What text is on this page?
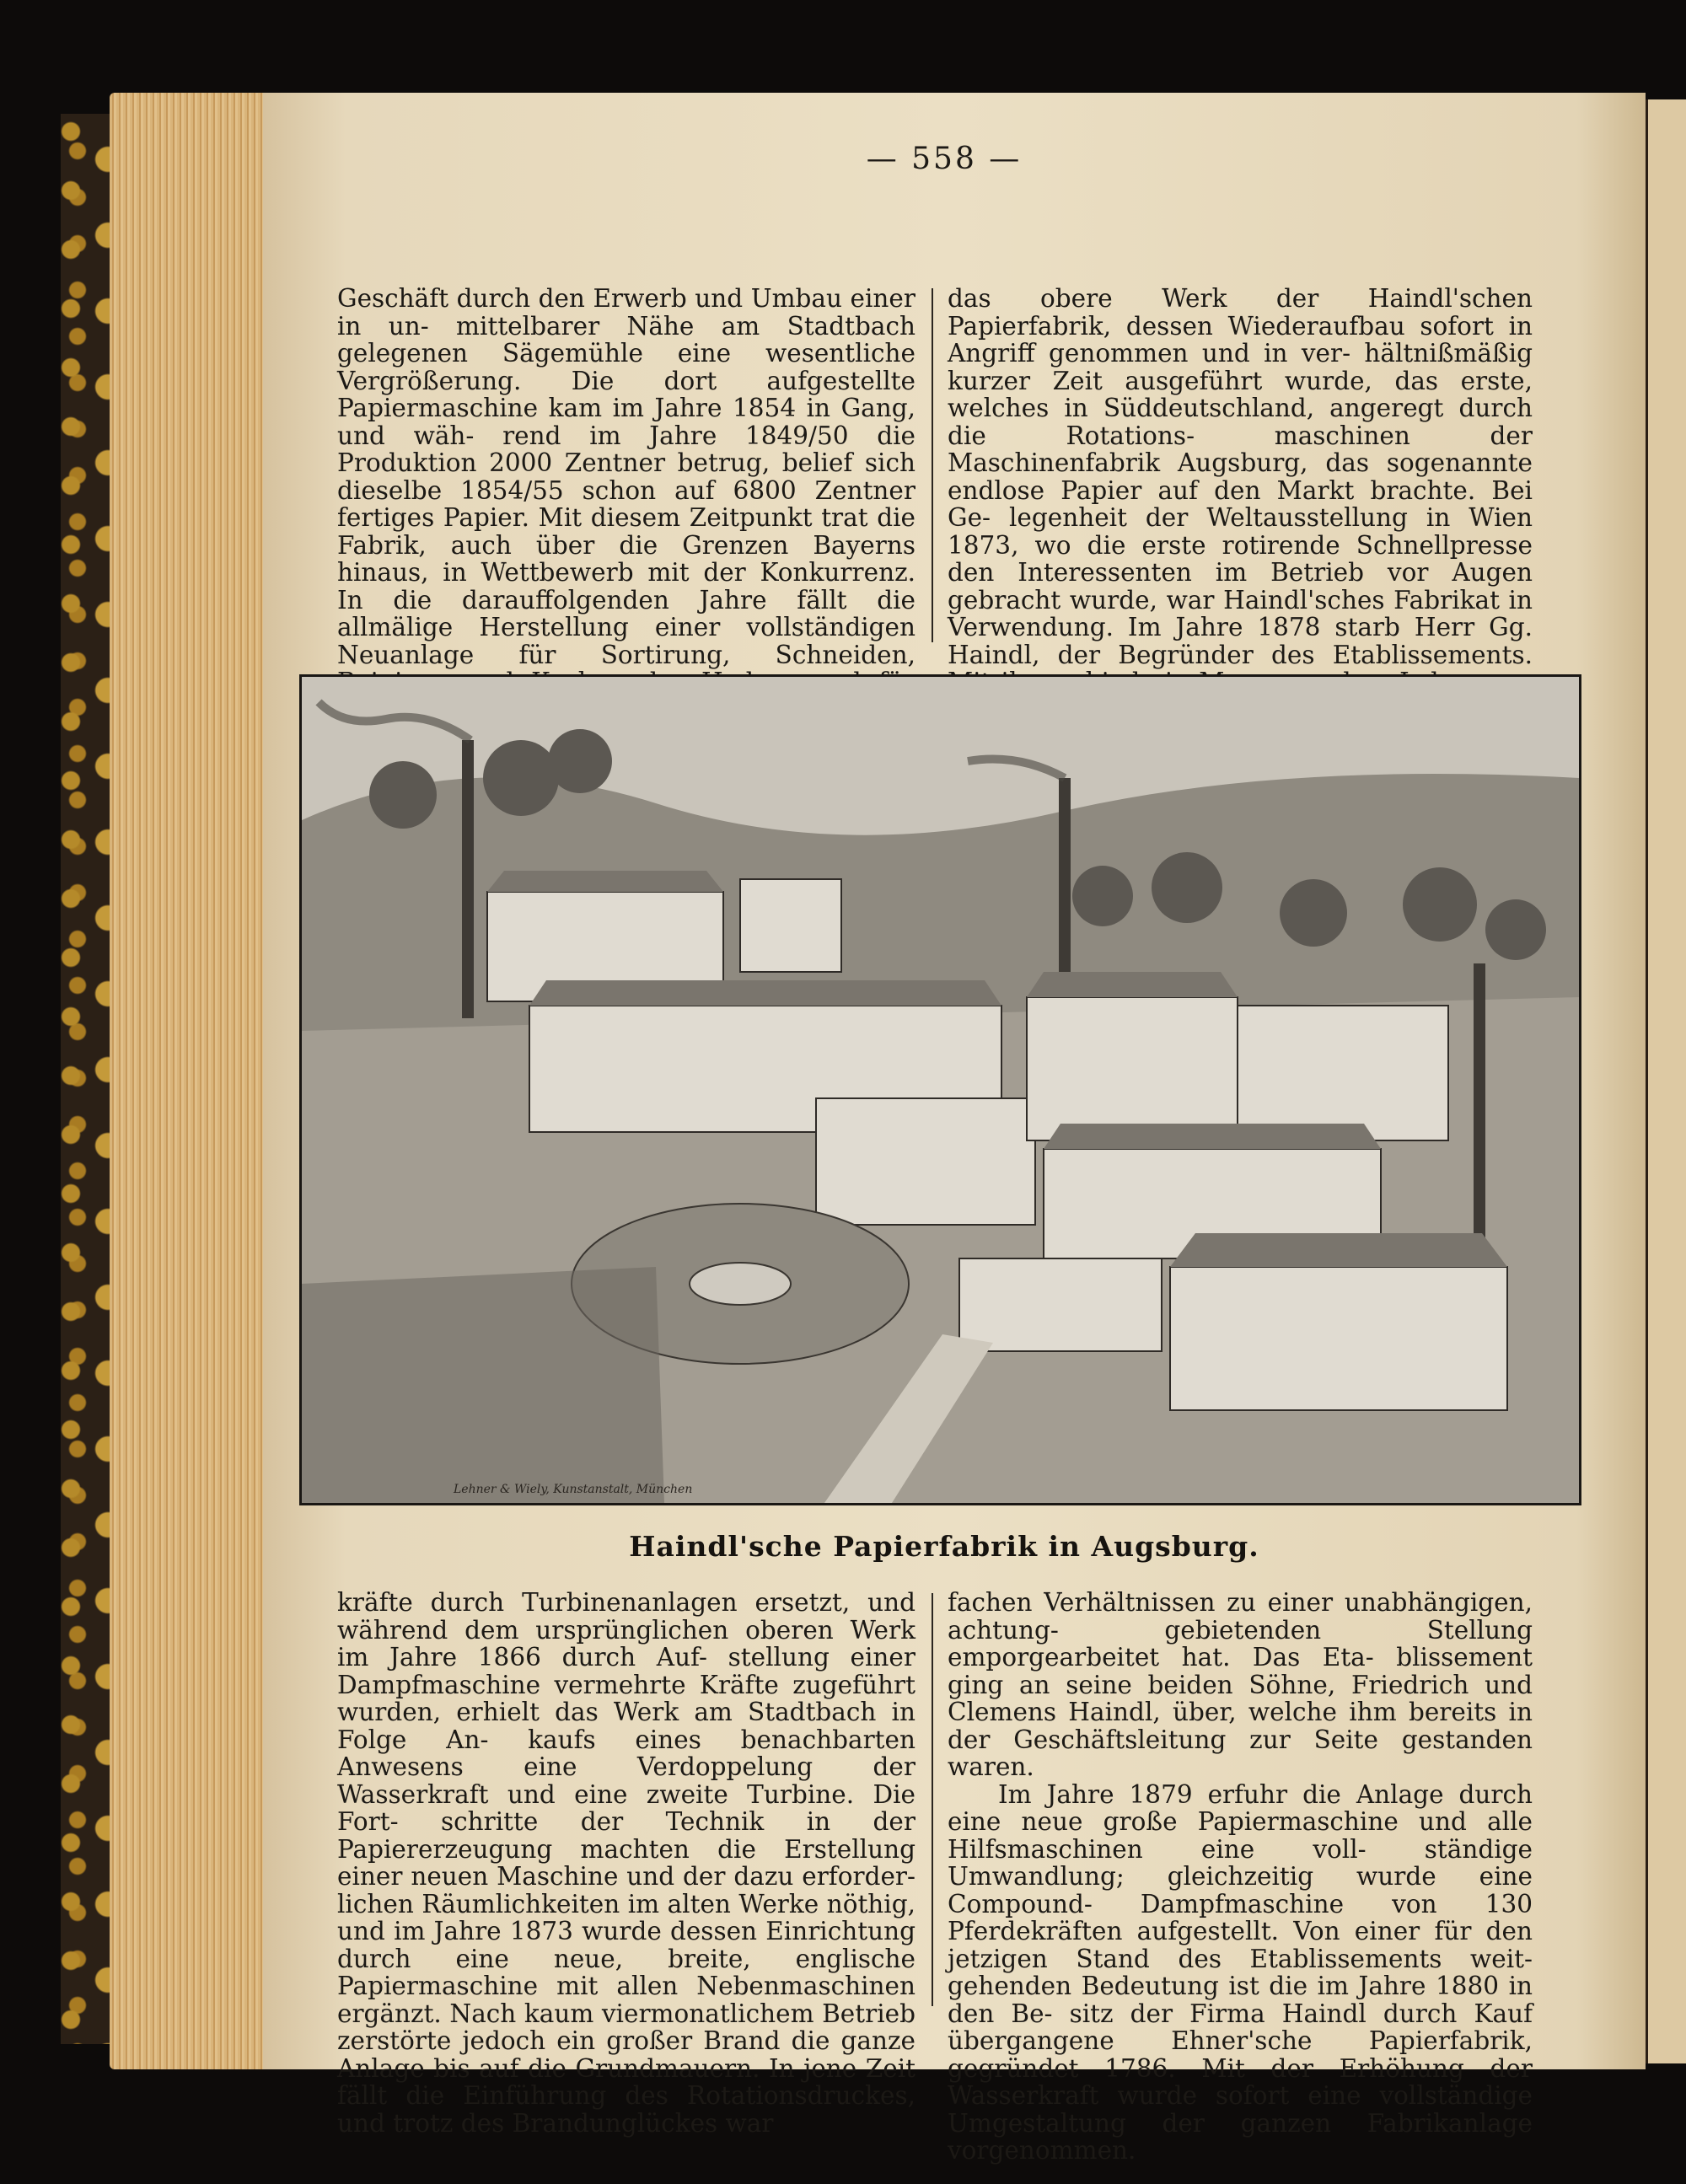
— 558 —

Geschäft durch den Erwerb und Umbau einer in un- mittelbarer Nähe am Stadtbach gelegenen Sägemühle eine wesentliche Vergrößerung. Die dort aufgestellte Papiermaschine kam im Jahre 1854 in Gang, und wäh- rend im Jahre 1849/50 die Produktion 2000 Zentner betrug, belief sich dieselbe 1854/55 schon auf 6800 Zentner fertiges Papier. Mit diesem Zeitpunkt trat die Fabrik, auch über die Grenzen Bayerns hinaus, in Wettbewerb mit der Konkurrenz. In die darauffolgenden Jahre fällt die allmälige Herstellung einer vollständigen Neuanlage für Sortirung, Schneiden,

das obere Werk der Haindl'schen Papierfabrik, dessen Wiederaufbau sofort in Angriff genommen und in ver- hältnißmäßig kurzer Zeit ausgeführt wurde, das erste, welches in Süddeutschland, angeregt durch die Rotations- maschinen der Maschinenfabrik Augsburg, das sogenannte endlose Papier auf den Markt brachte. Bei Ge- legenheit der Weltausstellung in Wien 1873, wo die erste rotirende Schnellpresse den Interessenten im Betrieb vor Augen gebracht wurde, war Haindl'sches Fabrikat in Verwendung. Im Jahre 1878 starb Herr Gg. Haindl, der Begründer des Etablissements.

Lehner & Wiely, Kunstanstalt, München
Haindl'sche Papierfabrik in Augsburg.

kräfte durch Turbinenanlagen ersetzt, und während dem ursprünglichen oberen Werk im Jahre 1866 durch Auf- stellung einer Dampfmaschine vermehrte Kräfte zugeführt wurden, erhielt das Werk am Stadtbach in Folge An- kaufs eines benachbarten Anwesens eine Verdoppelung der Wasserkraft und eine zweite Turbine. Die Fort- schritte der Technik in der Papiererzeugung machten die Erstellung einer neuen Maschine und der dazu erforder- lichen Räumlichkeiten im alten Werke nöthig, und im Jahre 1873 wurde dessen Einrichtung durch eine neue, breite, englische Papiermaschine mit allen Nebenmaschinen ergänzt. Nach kaum viermonatlichem Betrieb zerstörte jedoch ein großer Brand die ganze Anlage bis auf die Grundmauern. In jene Zeit fällt die Einführung des Rotationsdruckes, und trotz des Brandunglückes war

fachen Verhältnissen zu einer unabhängigen, achtung- gebietenden Stellung emporgearbeitet hat. Das Eta- blissement ging an seine beiden Söhne, Friedrich und Clemens Haindl, über, welche ihm bereits in der Geschäftsleitung zur Seite gestanden waren.

Im Jahre 1879 erfuhr die Anlage durch eine neue große Papiermaschine und alle Hilfsmaschinen eine voll- ständige Umwandlung; gleichzeitig wurde eine Compound- Dampfmaschine von 130 Pferdekräften aufgestellt. Von einer für den jetzigen Stand des Etablissements weit- gehenden Bedeutung ist die im Jahre 1880 in den Be- sitz der Firma Haindl durch Kauf übergangene Ehner'sche Papierfabrik, gegründet 1786. Mit der Erhöhung der Wasserkraft wurde sofort eine vollständige Umgestaltung der ganzen Fabrikanlage vorgenommen.
